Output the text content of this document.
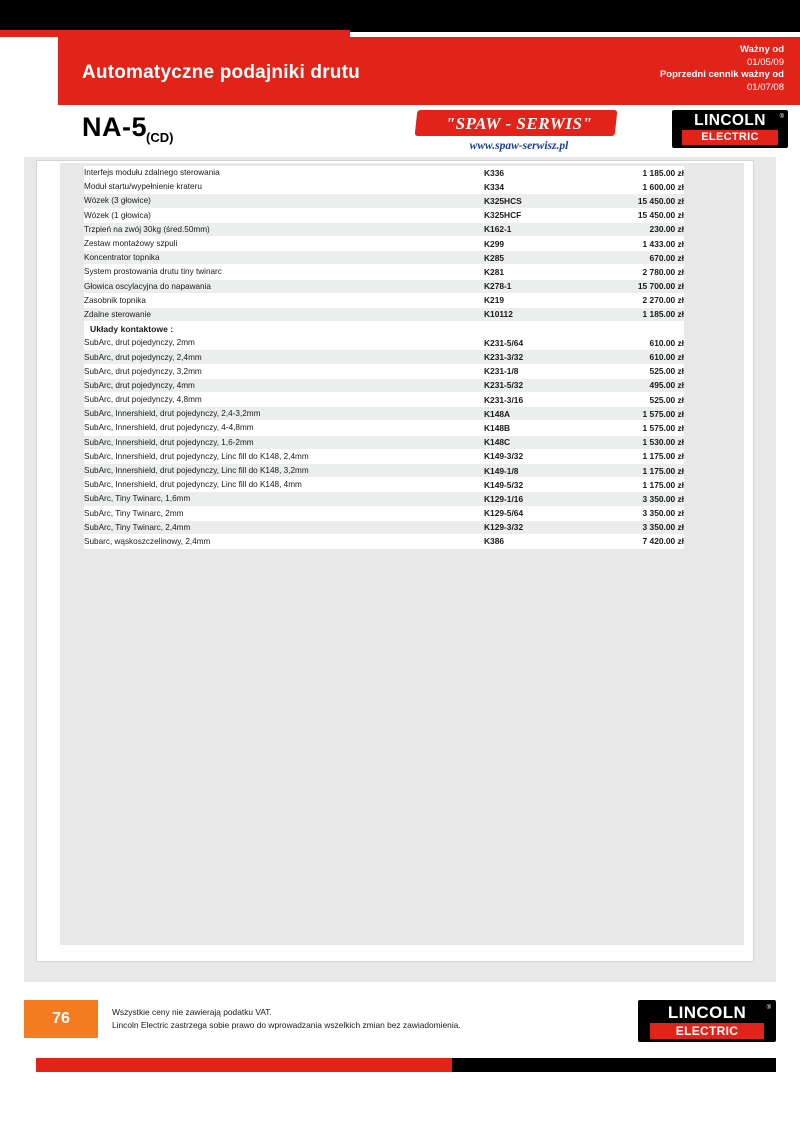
Automatyczne podajniki drutu
Ważny od
01/05/09
Poprzedni cennik ważny od
01/07/08
NA-5
(CD)
"SPAW - SERWIS"
www.spaw-serwisz.pl
LINCOLN	®
ELECTRIC
Interfejs modułu zdalnego sterowania	K336	1 185.00 zł
Moduł startu/wypełnienie krateru	K334	1 600.00 zł
Wózek (3 głowice)	K325HCS	15 450.00 zł
Wózek (1 głowica)	K325HCF	15 450.00 zł
Trzpień na zwój 30kg (śred.50mm)	K162-1	230.00 zł
Zestaw montażowy szpuli	K299	1 433.00 zł
Koncentrator topnika	K285	670.00 zł
System prostowania drutu tiny twinarc	K281	2 780.00 zł
Głowica oscylacyjna do napawania	K278-1	15 700.00 zł
Zasobnik topnika	K219	2 270.00 zł
Zdalne sterowanie	K10112	1 185.00 zł
Układy kontaktowe :		
SubArc, drut pojedynczy, 2mm	K231-5/64	610.00 zł
SubArc, drut pojedynczy, 2,4mm	K231-3/32	610.00 zł
SubArc, drut pojedynczy, 3,2mm	K231-1/8	525.00 zł
SubArc, drut pojedynczy, 4mm	K231-5/32	495.00 zł
SubArc, drut pojedynczy, 4,8mm	K231-3/16	525.00 zł
SubArc, Innershield, drut pojedynczy, 2,4-3,2mm	K148A	1 575.00 zł
SubArc, Innershield, drut pojedynczy, 4-4,8mm	K148B	1 575.00 zł
SubArc, Innershield, drut pojedynczy, 1,6-2mm	K148C	1 530.00 zł
SubArc, Innershield, drut pojedynczy, Linc fill do K148, 2,4mm	K149-3/32	1 175.00 zł
SubArc, Innershield, drut pojedynczy, Linc fill do K148, 3,2mm	K149-1/8	1 175.00 zł
SubArc, Innershield, drut pojedynczy, Linc fill do K148, 4mm	K149-5/32	1 175.00 zł
SubArc, Tiny Twinarc, 1,6mm	K129-1/16	3 350.00 zł
SubArc, Tiny Twinarc, 2mm	K129-5/64	3 350.00 zł
SubArc, Tiny Twinarc, 2,4mm	K129-3/32	3 350.00 zł
Subarc, wąskoszczelinowy, 2,4mm	K386	7 420.00 zł
76	Wszystkie ceny nie zawierają podatku VAT.
Lincoln Electric zastrzega sobie prawo do wprowadzania wszelkich zmian bez zawiadomienia.
LINCOLN	®
ELECTRIC
